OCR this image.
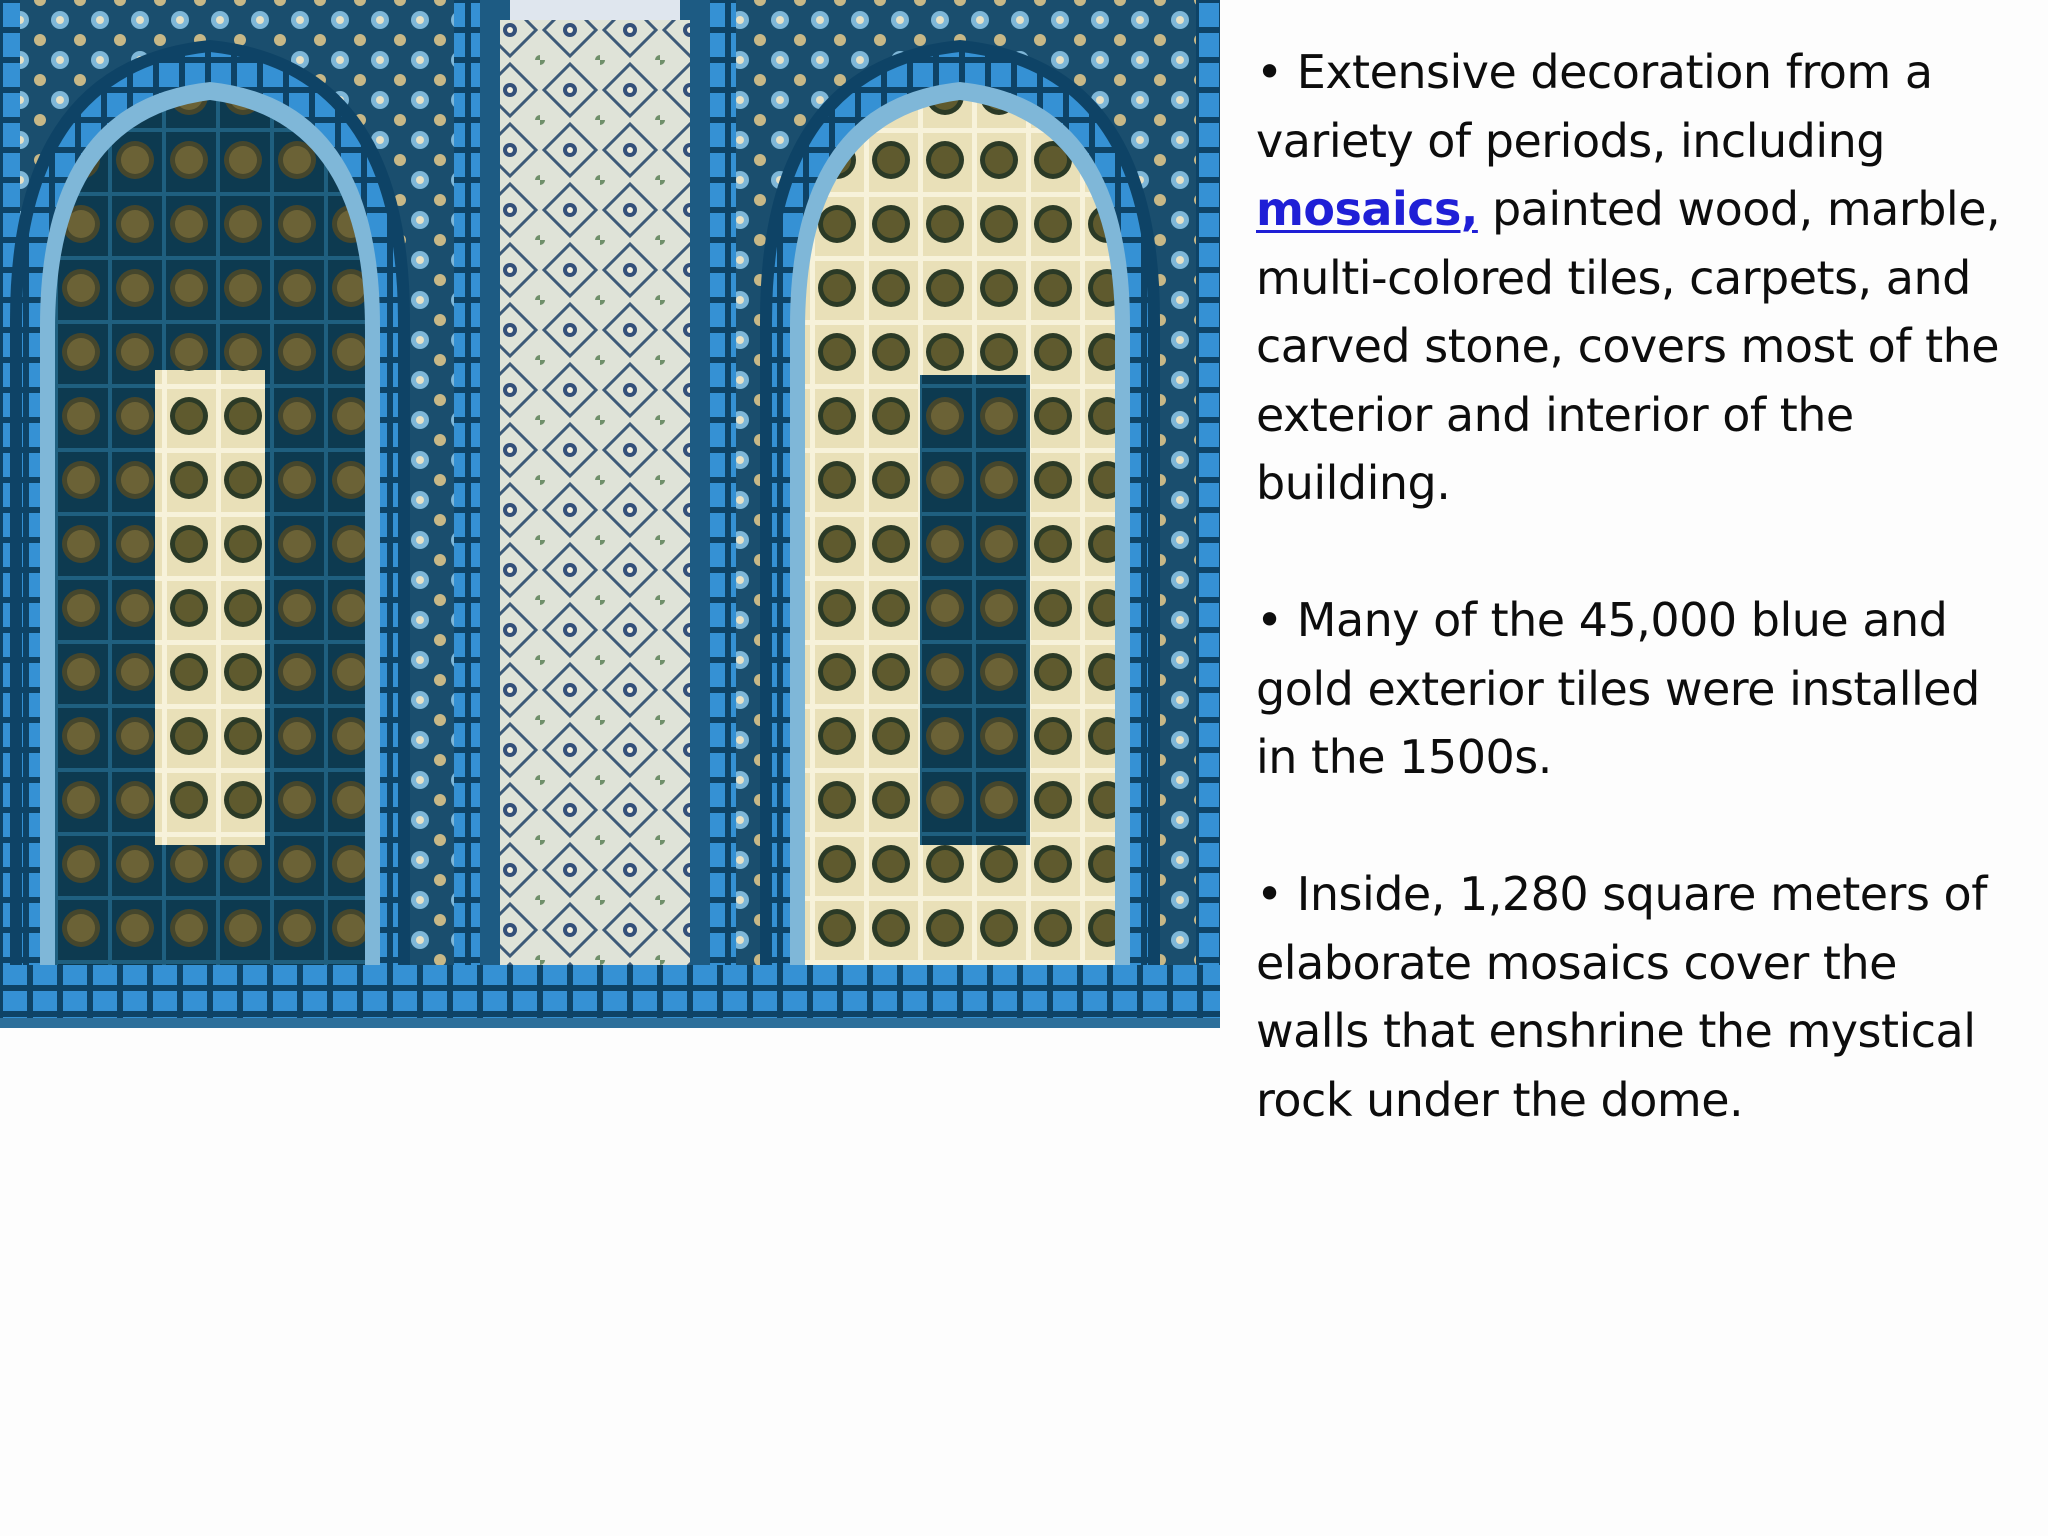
• Extensive decoration from a
variety of periods, including
mosaics, painted wood, marble,
multi-colored tiles, carpets, and
carved stone, covers most of the
exterior and interior of the
building.

• Many of the 45,000 blue and
gold exterior tiles were installed
in the 1500s.

• Inside, 1,280 square meters of
elaborate mosaics cover the
walls that enshrine the mystical
rock under the dome.
